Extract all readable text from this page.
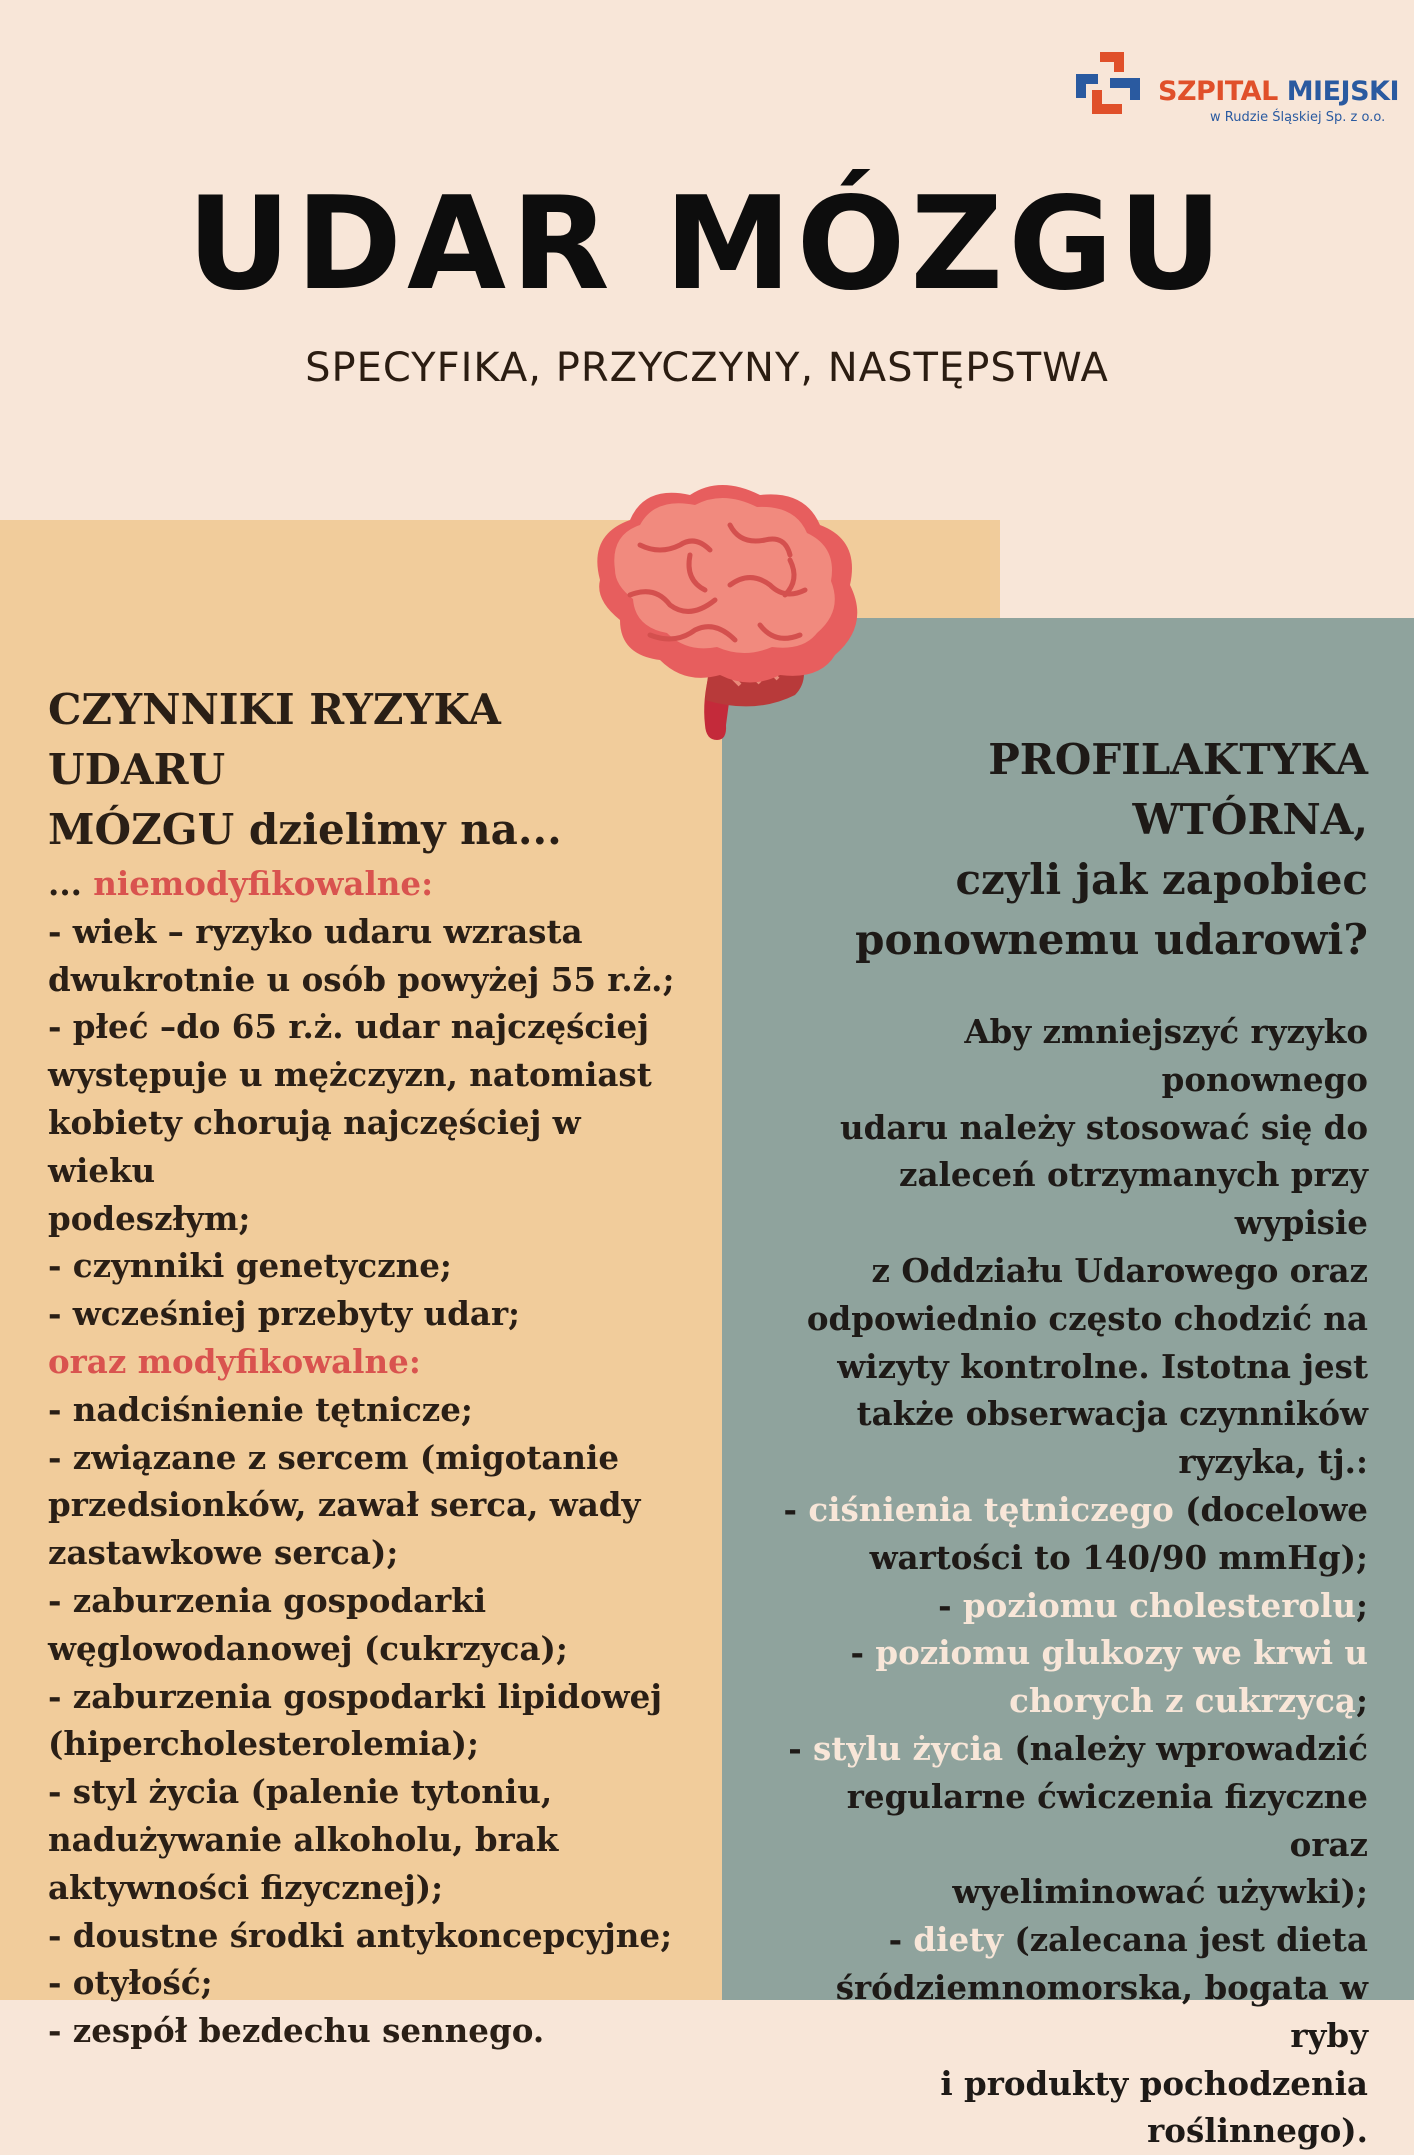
SZPITAL MIEJSKI
w Rudzie Śląskiej Sp. z o.o.
UDAR MÓZGU
SPECYFIKA, PRZYCZYNY, NASTĘPSTWA
CZYNNIKI RYZYKA UDARU
MÓZGU dzielimy na...
... niemodyfikowalne:
- wiek – ryzyko udaru wzrasta
dwukrotnie u osób powyżej 55 r.ż.;
- płeć –do 65 r.ż. udar najczęściej
występuje u mężczyzn, natomiast
kobiety chorują najczęściej w wieku
podeszłym;
- czynniki genetyczne;
- wcześniej przebyty udar;
oraz modyfikowalne:
- nadciśnienie tętnicze;
- związane z sercem (migotanie
przedsionków, zawał serca, wady
zastawkowe serca);
- zaburzenia gospodarki
węglowodanowej (cukrzyca);
- zaburzenia gospodarki lipidowej
(hipercholesterolemia);
- styl życia (palenie tytoniu,
nadużywanie alkoholu, brak
aktywności fizycznej);
- doustne środki antykoncepcyjne;
- otyłość;
- zespół bezdechu sennego.
PROFILAKTYKA WTÓRNA,
czyli jak zapobiec
ponownemu udarowi?
Aby zmniejszyć ryzyko ponownego
udaru należy stosować się do
zaleceń otrzymanych przy wypisie
z Oddziału Udarowego oraz
odpowiednio często chodzić na
wizyty kontrolne. Istotna jest
także obserwacja czynników
ryzyka, tj.:
- ciśnienia tętniczego (docelowe
wartości to 140/90 mmHg);
- poziomu cholesterolu;
- poziomu glukozy we krwi u
chorych z cukrzycą;
- stylu życia (należy wprowadzić
regularne ćwiczenia fizyczne oraz
wyeliminować używki);
- diety (zalecana jest dieta
śródziemnomorska, bogata w ryby
i produkty pochodzenia
roślinnego).
